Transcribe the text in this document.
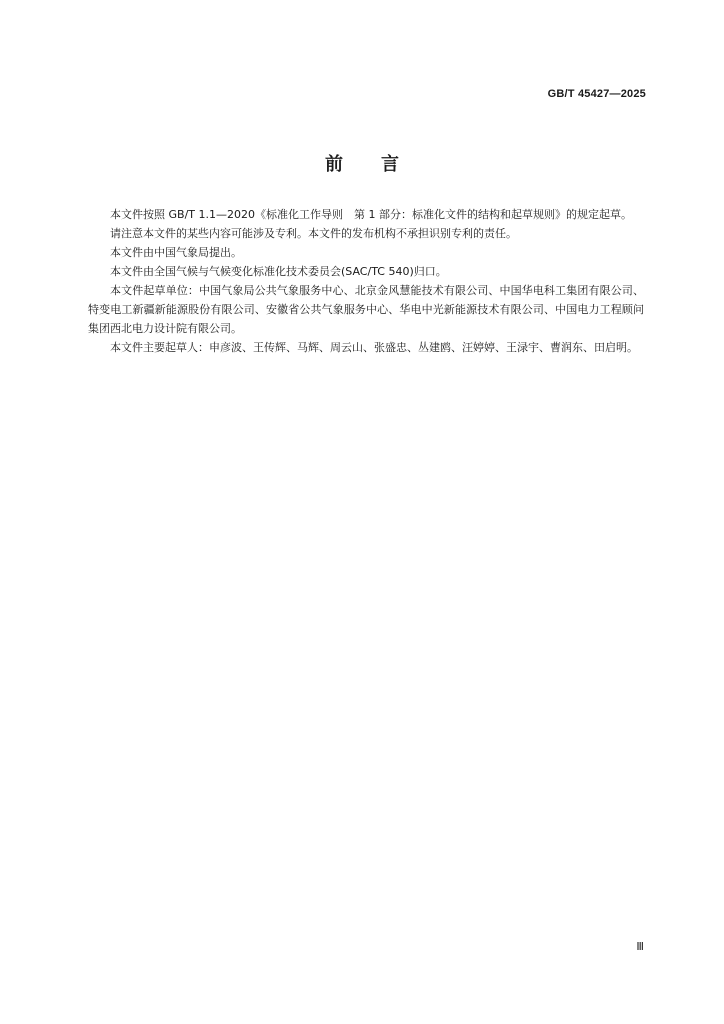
GB/T 45427—2025
前言

本文件按照 GB/T 1.1—2020《标准化工作导则　第 1 部分：标准化文件的结构和起草规则》的规定起草。

请注意本文件的某些内容可能涉及专利。本文件的发布机构不承担识别专利的责任。

本文件由中国气象局提出。

本文件由全国气候与气候变化标准化技术委员会(SAC/TC 540)归口。

本文件起草单位：中国气象局公共气象服务中心、北京金风慧能技术有限公司、中国华电科工集团有限公司、特变电工新疆新能源股份有限公司、安徽省公共气象服务中心、华电中光新能源技术有限公司、中国电力工程顾问集团西北电力设计院有限公司。

本文件主要起草人：申彦波、王传辉、马辉、周云山、张盛忠、丛建鸥、汪婷婷、王渌宇、曹润东、田启明。

Ⅲ
